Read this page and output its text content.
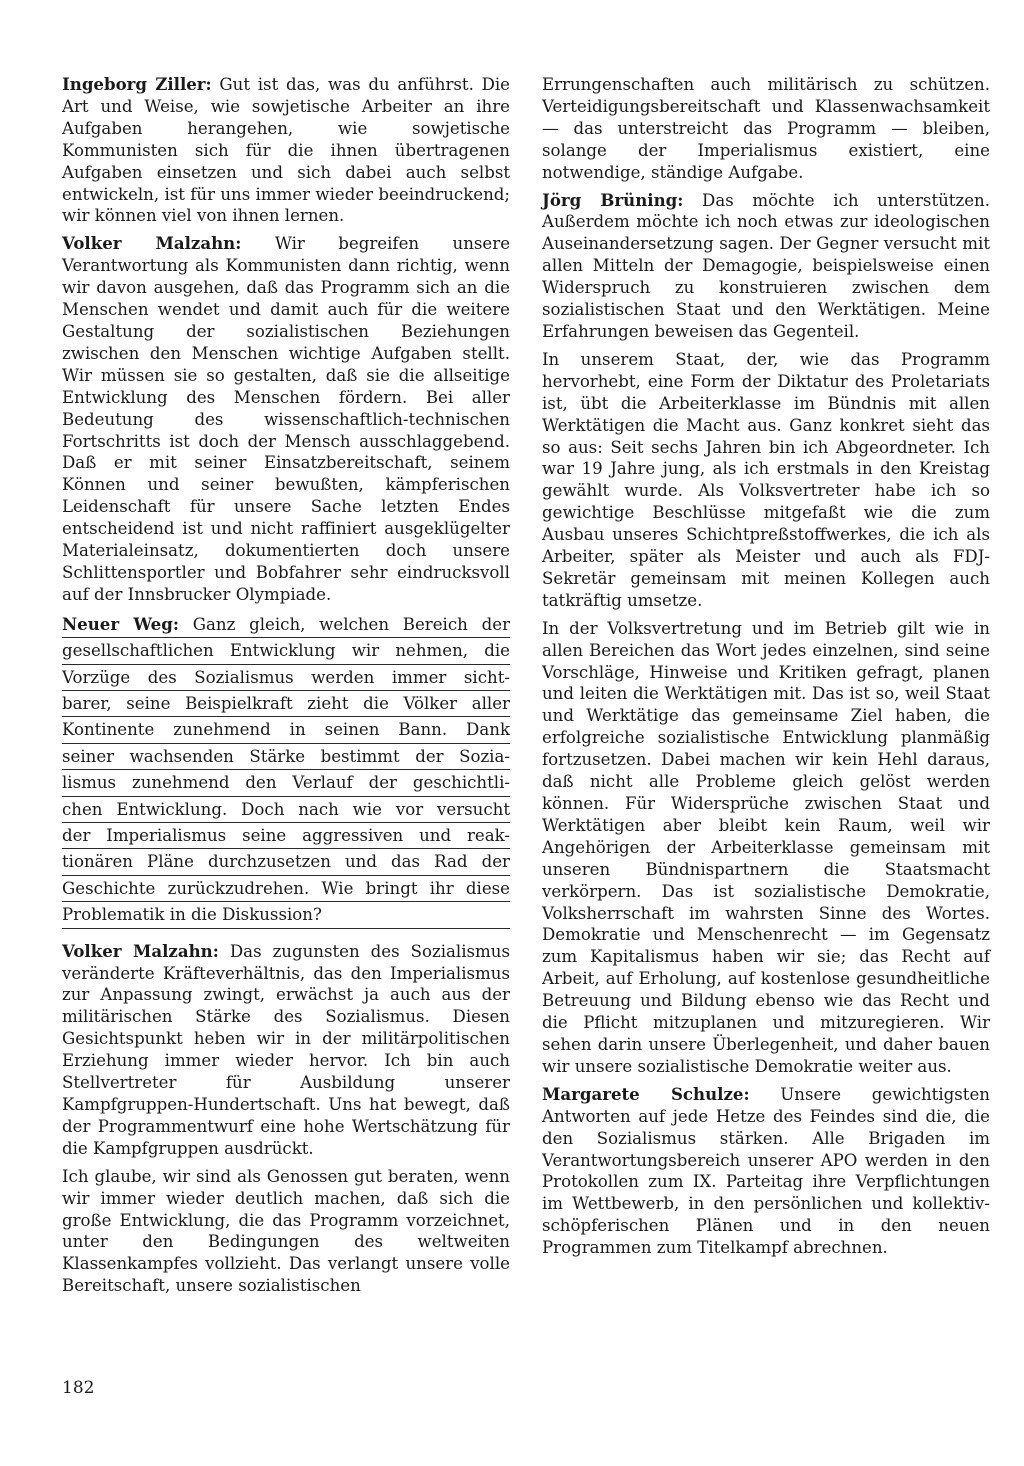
Ingeborg Ziller: Gut ist das, was du anführst. Die Art und Weise, wie sowjetische Arbeiter an ihre Aufgaben herangehen, wie sowjetische Kommunisten sich für die ihnen übertragenen Aufgaben einsetzen und sich dabei auch selbst entwickeln, ist für uns immer wieder beeindruckend; wir können viel von ihnen lernen.

Volker Malzahn: Wir begreifen unsere Verantwortung als Kommunisten dann richtig, wenn wir davon ausgehen, daß das Programm sich an die Menschen wendet und damit auch für die weitere Gestaltung der sozialistischen Beziehungen zwischen den Menschen wichtige Aufgaben stellt. Wir müssen sie so gestalten, daß sie die allseitige Entwicklung des Menschen fördern. Bei aller Bedeutung des wissenschaftlich-technischen Fortschritts ist doch der Mensch ausschlaggebend. Daß er mit seiner Einsatzbereitschaft, seinem Können und seiner bewußten, kämpferischen Leidenschaft für unsere Sache letzten Endes entscheidend ist und nicht raffiniert ausgeklügelter Materialeinsatz, dokumentierten doch unsere Schlittensportler und Bobfahrer sehr eindrucksvoll auf der Innsbrucker Olympiade.

Neuer Weg: Ganz gleich, welchen Bereich der
gesellschaftlichen Entwicklung wir nehmen, die
Vorzüge des Sozialismus werden immer sicht-
barer, seine Beispielkraft zieht die Völker aller
Kontinente zunehmend in seinen Bann. Dank
seiner wachsenden Stärke bestimmt der Sozia-
lismus zunehmend den Verlauf der geschichtli-
chen Entwicklung. Doch nach wie vor versucht
der Imperialismus seine aggressiven und reak-
tionären Pläne durchzusetzen und das Rad der
Geschichte zurückzudrehen. Wie bringt ihr diese
Problematik in die Diskussion?

Volker Malzahn: Das zugunsten des Sozialismus veränderte Kräfteverhältnis, das den Imperialismus zur Anpassung zwingt, erwächst ja auch aus der militärischen Stärke des Sozialismus. Diesen Gesichtspunkt heben wir in der militärpolitischen Erziehung immer wieder hervor. Ich bin auch Stellvertreter für Ausbildung unserer Kampfgruppen-Hundertschaft. Uns hat bewegt, daß der Programmentwurf eine hohe Wertschätzung für die Kampfgruppen ausdrückt.

Ich glaube, wir sind als Genossen gut beraten, wenn wir immer wieder deutlich machen, daß sich die große Entwicklung, die das Programm vorzeichnet, unter den Bedingungen des weltweiten Klassenkampfes vollzieht. Das verlangt unsere volle Bereitschaft, unsere sozialistischen

Errungenschaften auch militärisch zu schützen. Verteidigungsbereitschaft und Klassenwachsamkeit — das unterstreicht das Programm — bleiben, solange der Imperialismus existiert, eine notwendige, ständige Aufgabe.

Jörg Brüning: Das möchte ich unterstützen. Außerdem möchte ich noch etwas zur ideologischen Auseinandersetzung sagen. Der Gegner versucht mit allen Mitteln der Demagogie, beispielsweise einen Widerspruch zu konstruieren zwischen dem sozialistischen Staat und den Werktätigen. Meine Erfahrungen beweisen das Gegenteil.

In unserem Staat, der, wie das Programm hervorhebt, eine Form der Diktatur des Proletariats ist, übt die Arbeiterklasse im Bündnis mit allen Werktätigen die Macht aus. Ganz konkret sieht das so aus: Seit sechs Jahren bin ich Abgeordneter. Ich war 19 Jahre jung, als ich erstmals in den Kreistag gewählt wurde. Als Volksvertreter habe ich so gewichtige Beschlüsse mitgefaßt wie die zum Ausbau unseres Schichtpreßstoffwerkes, die ich als Arbeiter, später als Meister und auch als FDJ-Sekretär gemeinsam mit meinen Kollegen auch tatkräftig umsetze.

In der Volksvertretung und im Betrieb gilt wie in allen Bereichen das Wort jedes einzelnen, sind seine Vorschläge, Hinweise und Kritiken gefragt, planen und leiten die Werktätigen mit. Das ist so, weil Staat und Werktätige das gemeinsame Ziel haben, die erfolgreiche sozialistische Entwicklung planmäßig fortzusetzen. Dabei machen wir kein Hehl daraus, daß nicht alle Probleme gleich gelöst werden können. Für Widersprüche zwischen Staat und Werktätigen aber bleibt kein Raum, weil wir Angehörigen der Arbeiterklasse gemeinsam mit unseren Bündnispartnern die Staatsmacht verkörpern. Das ist sozialistische Demokratie, Volksherrschaft im wahrsten Sinne des Wortes. Demokratie und Menschenrecht — im Gegensatz zum Kapitalismus haben wir sie; das Recht auf Arbeit, auf Erholung, auf kostenlose gesundheitliche Betreuung und Bildung ebenso wie das Recht und die Pflicht mitzuplanen und mitzuregieren. Wir sehen darin unsere Überlegenheit, und daher bauen wir unsere sozialistische Demokratie weiter aus.

Margarete Schulze: Unsere gewichtigsten Antworten auf jede Hetze des Feindes sind die, die den Sozialismus stärken. Alle Brigaden im Verantwortungsbereich unserer APO werden in den Protokollen zum IX. Parteitag ihre Verpflichtungen im Wettbewerb, in den persönlichen und kollektiv-schöpferischen Plänen und in den neuen Programmen zum Titelkampf abrechnen.

182
